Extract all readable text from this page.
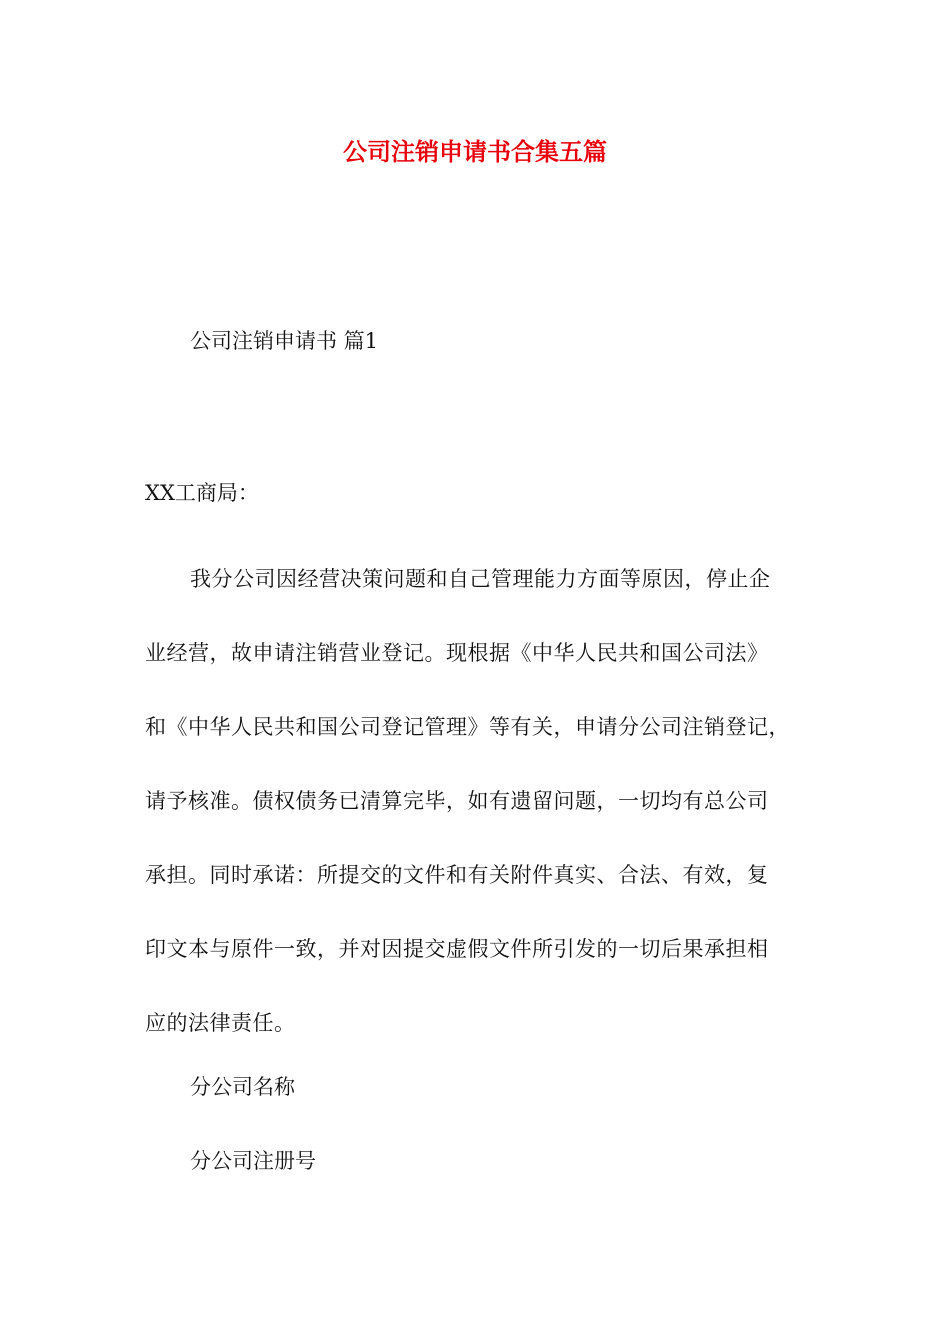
公司注销申请书合集五篇

公司注销申请书 篇1

XX工商局：

我分公司因经营决策问题和自己管理能力方面等原因，停止企
业经营，故申请注销营业登记。现根据《中华人民共和国公司法》
和《中华人民共和国公司登记管理》等有关，申请分公司注销登记，
请予核准。债权债务已清算完毕，如有遗留问题，一切均有总公司
承担。同时承诺：所提交的文件和有关附件真实、合法、有效，复
印文本与原件一致，并对因提交虚假文件所引发的一切后果承担相
应的法律责任。

分公司名称

分公司注册号
